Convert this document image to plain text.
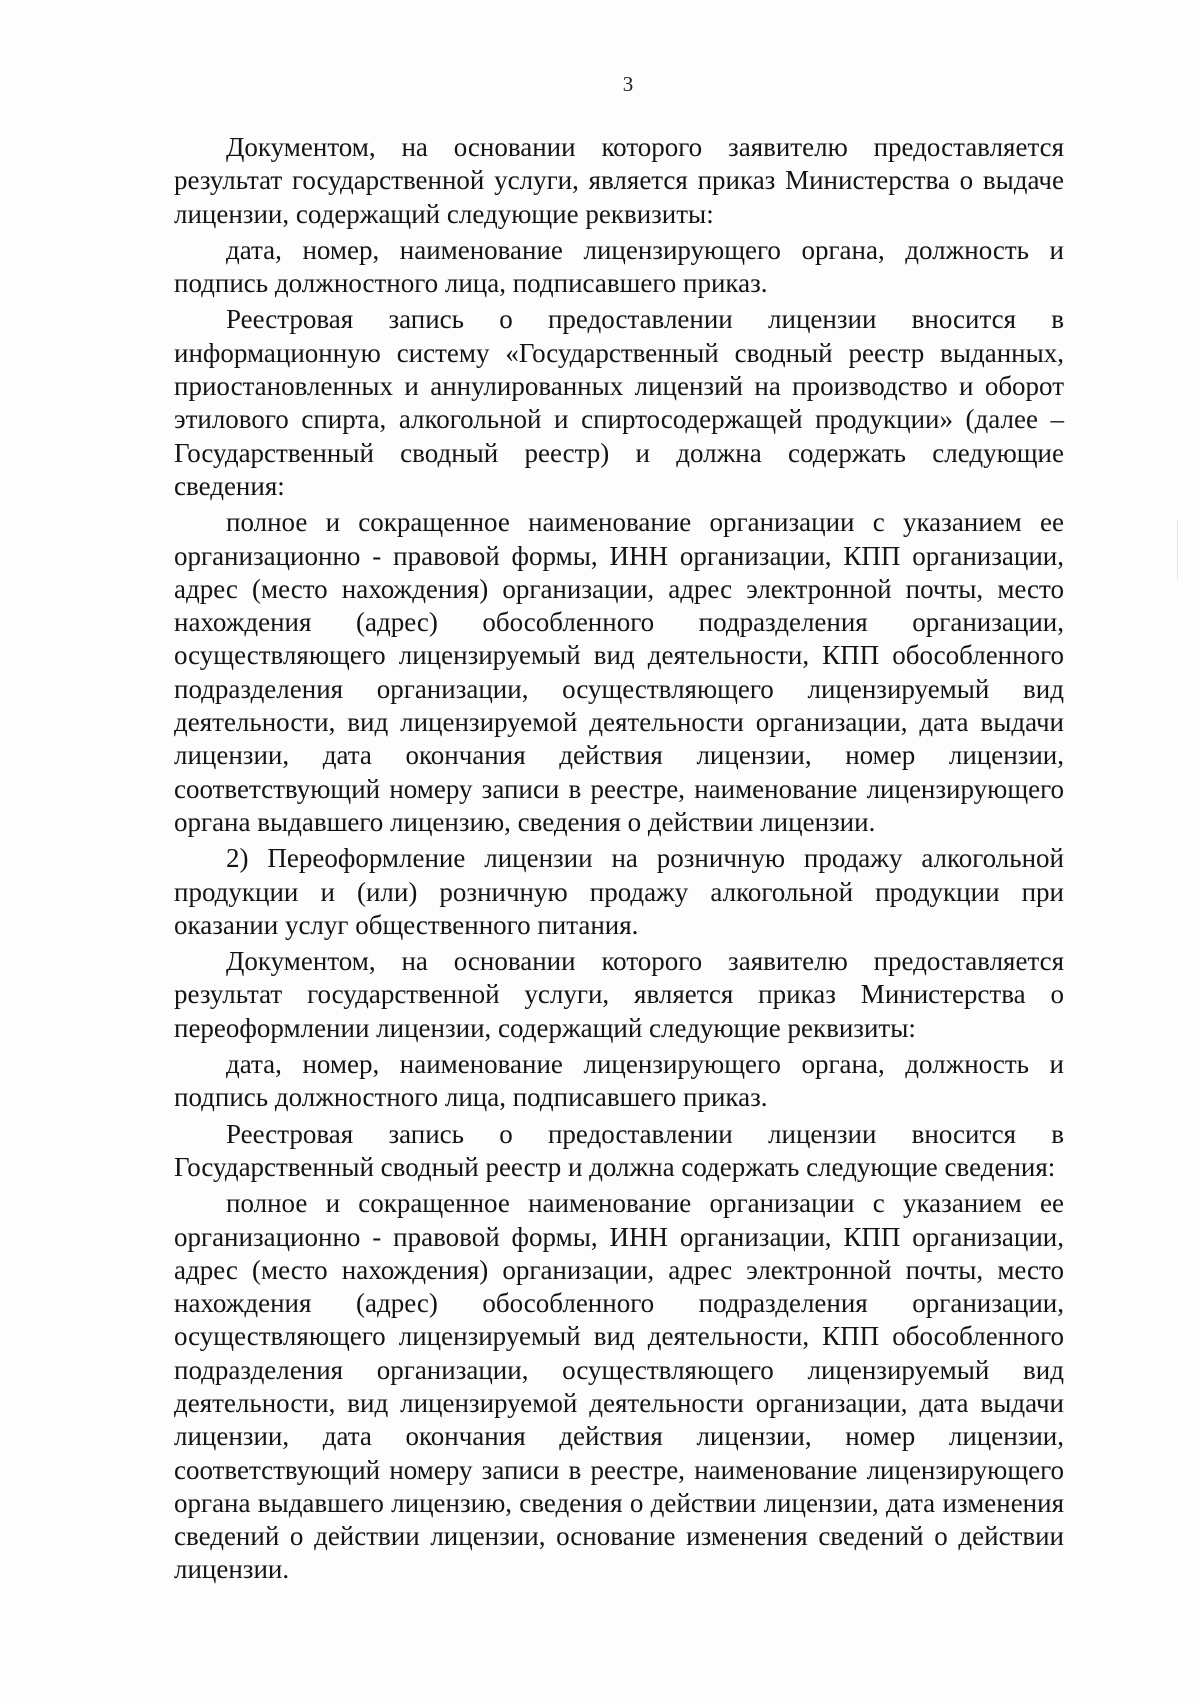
3

Документом, на основании которого заявителю предоставляется результат государственной услуги, является приказ Министерства о выдаче лицензии, содержащий следующие реквизиты:

дата, номер, наименование лицензирующего органа, должность и подпись должностного лица, подписавшего приказ.

Реестровая запись о предоставлении лицензии вносится в информационную систему «Государственный сводный реестр выданных, приостановленных и аннулированных лицензий на производство и оборот этилового спирта, алкогольной и спиртосодержащей продукции» (далее – Государственный сводный реестр) и должна содержать следующие сведения:

полное и сокращенное наименование организации с указанием ее организационно - правовой формы, ИНН организации, КПП организации, адрес (место нахождения) организации, адрес электронной почты, место нахождения (адрес) обособленного подразделения организации, осуществляющего лицензируемый вид деятельности, КПП обособленного подразделения организации, осуществляющего лицензируемый вид деятельности, вид лицензируемой деятельности организации, дата выдачи лицензии, дата окончания действия лицензии, номер лицензии, соответствующий номеру записи в реестре, наименование лицензирующего органа выдавшего лицензию, сведения о действии лицензии.

2) Переоформление лицензии на розничную продажу алкогольной продукции и (или) розничную продажу алкогольной продукции при оказании услуг общественного питания.

Документом, на основании которого заявителю предоставляется результат государственной услуги, является приказ Министерства о переоформлении лицензии, содержащий следующие реквизиты:

дата, номер, наименование лицензирующего органа, должность и подпись должностного лица, подписавшего приказ.

Реестровая запись о предоставлении лицензии вносится в Государственный сводный реестр и должна содержать следующие сведения:

полное и сокращенное наименование организации с указанием ее организационно - правовой формы, ИНН организации, КПП организации, адрес (место нахождения) организации, адрес электронной почты, место нахождения (адрес) обособленного подразделения организации, осуществляющего лицензируемый вид деятельности, КПП обособленного подразделения организации, осуществляющего лицензируемый вид деятельности, вид лицензируемой деятельности организации, дата выдачи лицензии, дата окончания действия лицензии, номер лицензии, соответствующий номеру записи в реестре, наименование лицензирующего органа выдавшего лицензию, сведения о действии лицензии, дата изменения сведений о действии лицензии, основание изменения сведений о действии лицензии.
